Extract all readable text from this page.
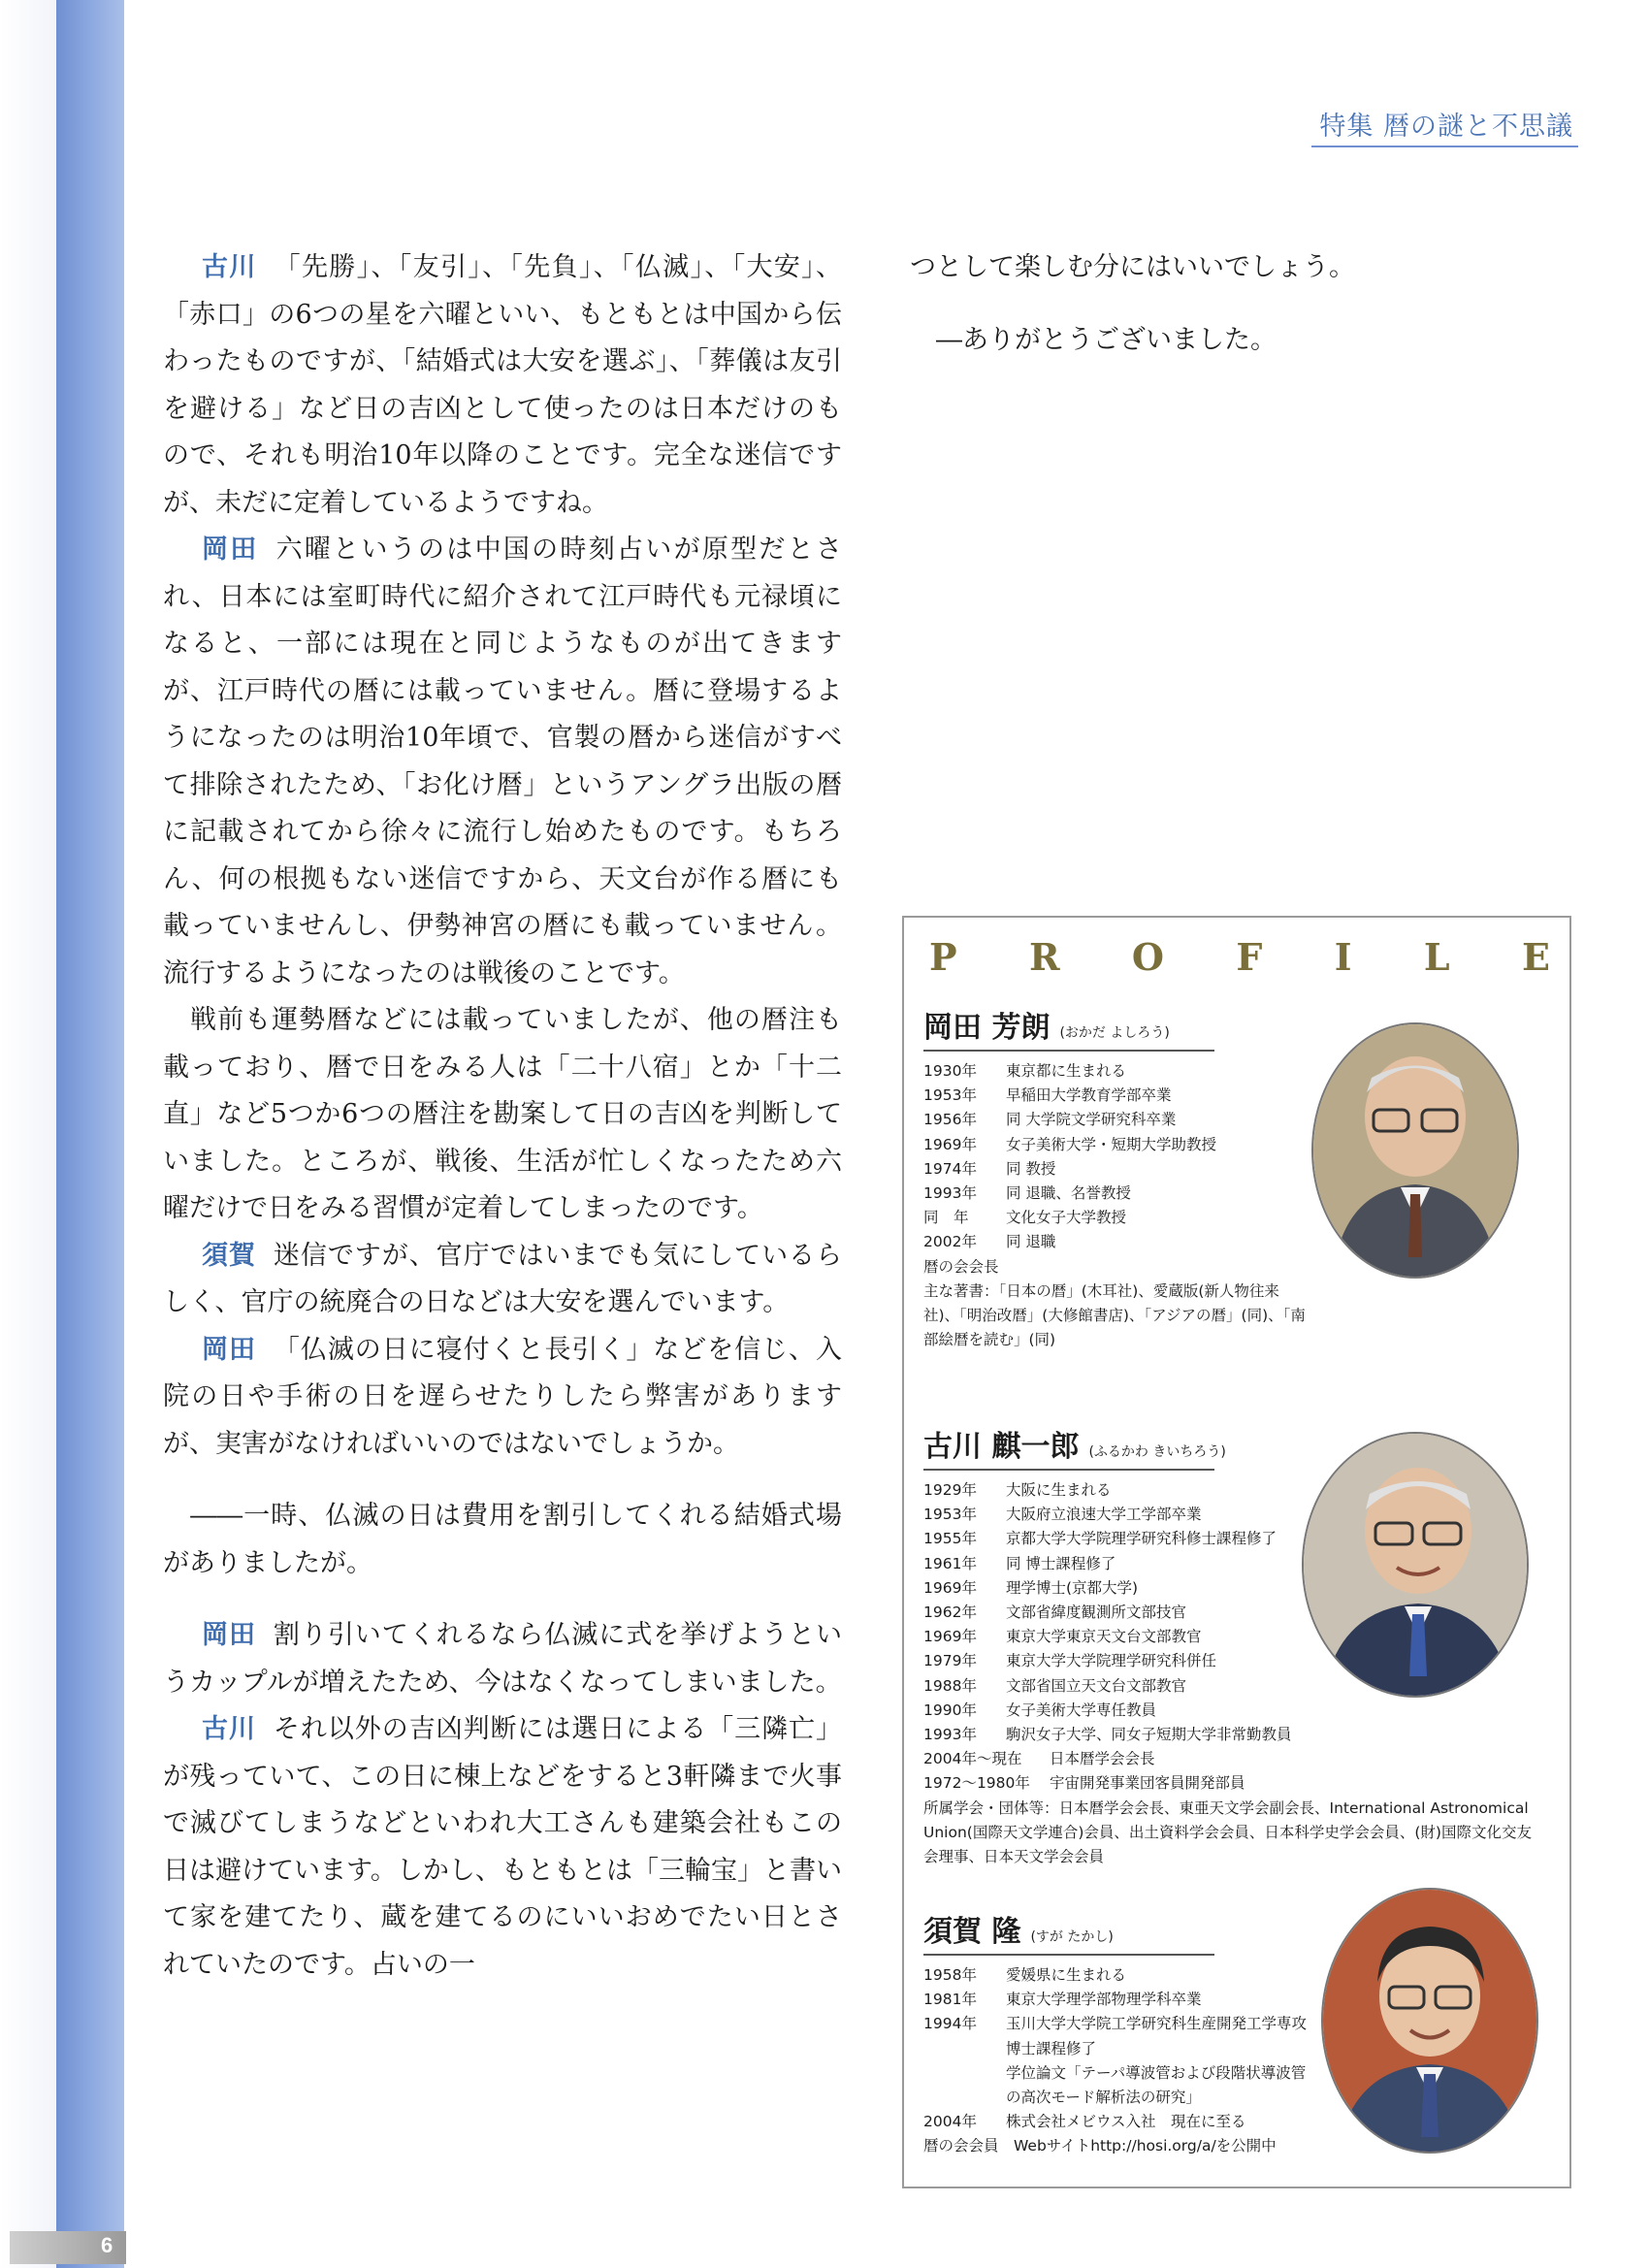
6
特集 暦の謎と不思議

古川 「先勝」、「友引」、「先負」、「仏滅」、「大安」、「赤口」の6つの星を六曜といい、もともとは中国から伝わったものですが、「結婚式は大安を選ぶ」、「葬儀は友引を避ける」など日の吉凶として使ったのは日本だけのもので、それも明治10年以降のことです。完全な迷信ですが、未だに定着しているようですね。

岡田 六曜というのは中国の時刻占いが原型だとされ、日本には室町時代に紹介されて江戸時代も元禄頃になると、一部には現在と同じようなものが出てきますが、江戸時代の暦には載っていません。暦に登場するようになったのは明治10年頃で、官製の暦から迷信がすべて排除されたため、「お化け暦」というアングラ出版の暦に記載されてから徐々に流行し始めたものです。もちろん、何の根拠もない迷信ですから、天文台が作る暦にも載っていませんし、伊勢神宮の暦にも載っていません。流行するようになったのは戦後のことです。

　戦前も運勢暦などには載っていましたが、他の暦注も載っており、暦で日をみる人は「二十八宿」とか「十二直」など5つか6つの暦注を勘案して日の吉凶を判断していました。ところが、戦後、生活が忙しくなったため六曜だけで日をみる習慣が定着してしまったのです。

須賀 迷信ですが、官庁ではいまでも気にしているらしく、官庁の統廃合の日などは大安を選んでいます。

岡田 「仏滅の日に寝付くと長引く」などを信じ、入院の日や手術の日を遅らせたりしたら弊害がありますが、実害がなければいいのではないでしょうか。

　――一時、仏滅の日は費用を割引してくれる結婚式場がありましたが。

岡田 割り引いてくれるなら仏滅に式を挙げようというカップルが増えたため、今はなくなってしまいました。

古川 それ以外の吉凶判断には選日による「三隣亡」が残っていて、この日に棟上などをすると3軒隣まで火事で滅びてしまうなどといわれ大工さんも建築会社もこの日は避けています。しかし、もともとは「三輪宝」と書いて家を建てたり、蔵を建てるのにいいおめでたい日とされていたのです。占いの一

つとして楽しむ分にはいいでしょう。

　―ありがとうございました。

P R O F I L E
岡田 芳朗 (おかだ よしろう)
1930年	東京都に生まれる
1953年	早稲田大学教育学部卒業
1956年	同 大学院文学研究科卒業
1969年	女子美術大学・短期大学助教授
1974年	同 教授
1993年	同 退職、名誉教授
同　年	文化女子大学教授
2002年	同 退職
暦の会会長
主な著書：「日本の暦」(木耳社)、愛蔵版(新人物往来社)、「明治改暦」(大修館書店)、「アジアの暦」(同)、「南部絵暦を読む」(同)
古川 麒一郎 (ふるかわ きいちろう)
1929年	大阪に生まれる
1953年	大阪府立浪速大学工学部卒業
1955年	京都大学大学院理学研究科修士課程修了
1961年	同 博士課程修了
1969年	理学博士(京都大学)
1962年	文部省緯度観測所文部技官
1969年	東京大学東京天文台文部教官
1979年	東京大学大学院理学研究科併任
1988年	文部省国立天文台文部教官
1990年	女子美術大学専任教員
1993年	駒沢女子大学、同女子短期大学非常勤教員
2004年～現在	日本暦学会会長
1972～1980年	宇宙開発事業団客員開発部員
所属学会・団体等：日本暦学会会長、東亜天文学会副会長、International Astronomical Union(国際天文学連合)会員、出土資料学会会員、日本科学史学会会員、(財)国際文化交友会理事、日本天文学会会員
須賀 隆 (すが たかし)
1958年	愛媛県に生まれる
1981年	東京大学理学部物理学科卒業
1994年	玉川大学大学院工学研究科生産開発工学専攻博士課程修了
学位論文「テーパ導波管および段階状導波管の高次モード解析法の研究」
2004年	株式会社メビウス入社　現在に至る
暦の会会員　Webサイトhttp://hosi.org/a/を公開中
